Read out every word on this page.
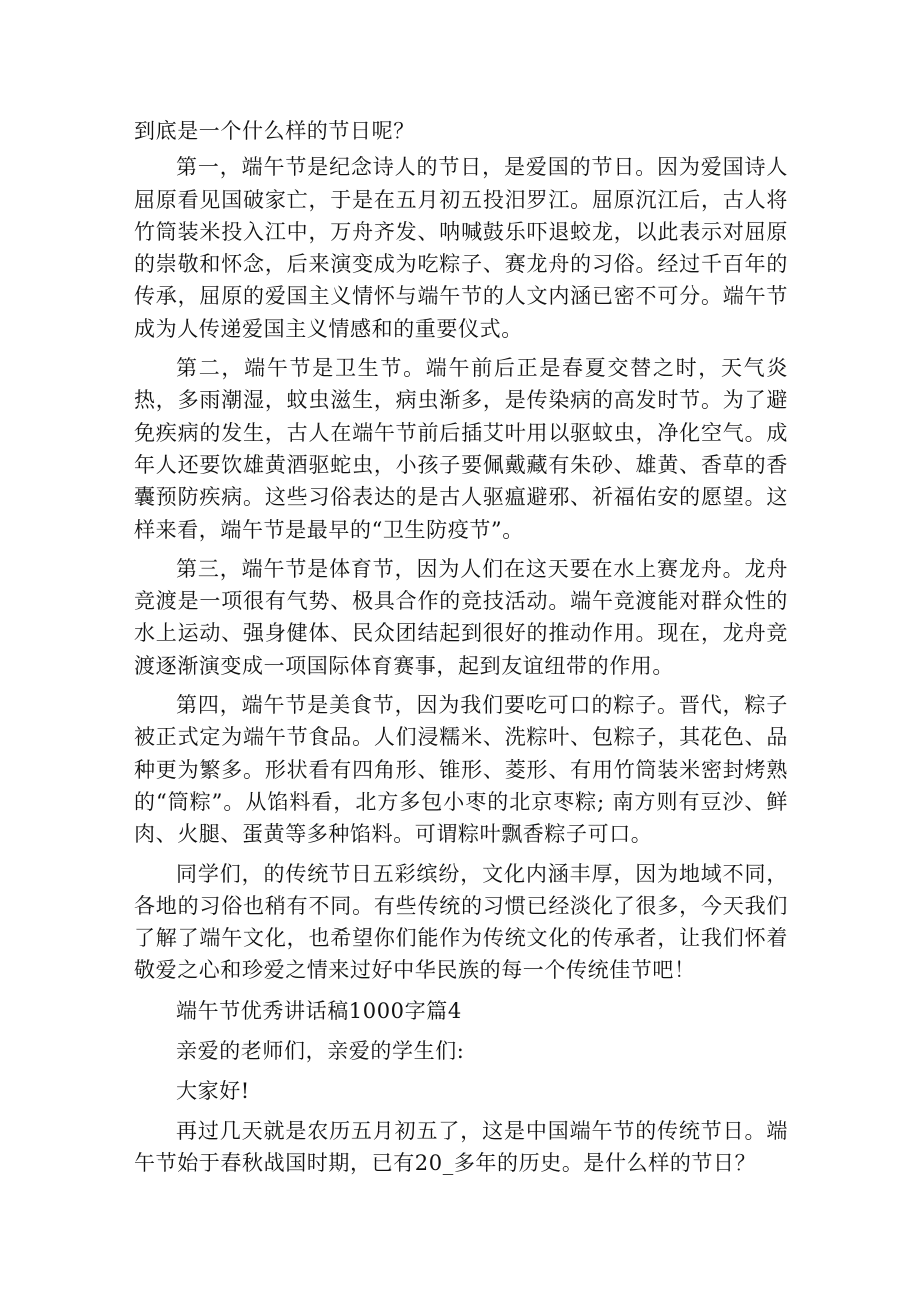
到底是一个什么样的节日呢？

第一，端午节是纪念诗人的节日，是爱国的节日。因为爱国诗人屈原看见国破家亡，于是在五月初五投汨罗江。屈原沉江后，古人将竹筒装米投入江中，万舟齐发、呐喊鼓乐吓退蛟龙，以此表示对屈原的崇敬和怀念，后来演变成为吃粽子、赛龙舟的习俗。经过千百年的传承，屈原的爱国主义情怀与端午节的人文内涵已密不可分。端午节成为人传递爱国主义情感和的重要仪式。

第二，端午节是卫生节。端午前后正是春夏交替之时，天气炎热，多雨潮湿，蚊虫滋生，病虫渐多，是传染病的高发时节。为了避免疾病的发生，古人在端午节前后插艾叶用以驱蚊虫，净化空气。成年人还要饮雄黄酒驱蛇虫，小孩子要佩戴藏有朱砂、雄黄、香草的香囊预防疾病。这些习俗表达的是古人驱瘟避邪、祈福佑安的愿望。这样来看，端午节是最早的“卫生防疫节”。

第三，端午节是体育节，因为人们在这天要在水上赛龙舟。龙舟竞渡是一项很有气势、极具合作的竞技活动。端午竞渡能对群众性的水上运动、强身健体、民众团结起到很好的推动作用。现在，龙舟竞渡逐渐演变成一项国际体育赛事，起到友谊纽带的作用。

第四，端午节是美食节，因为我们要吃可口的粽子。晋代，粽子被正式定为端午节食品。人们浸糯米、洗粽叶、包粽子，其花色、品种更为繁多。形状看有四角形、锥形、菱形、有用竹筒装米密封烤熟的“筒粽”。从馅料看，北方多包小枣的北京枣粽; 南方则有豆沙、鲜肉、火腿、蛋黄等多种馅料。可谓粽叶飘香粽子可口。

同学们，的传统节日五彩缤纷，文化内涵丰厚，因为地域不同，各地的习俗也稍有不同。有些传统的习惯已经淡化了很多，今天我们了解了端午文化，也希望你们能作为传统文化的传承者，让我们怀着敬爱之心和珍爱之情来过好中华民族的每一个传统佳节吧！

端午节优秀讲话稿1000字篇4

亲爱的老师们，亲爱的学生们:

大家好!

再过几天就是农历五月初五了，这是中国端午节的传统节日。端午节始于春秋战国时期，已有20_多年的历史。是什么样的节日？
